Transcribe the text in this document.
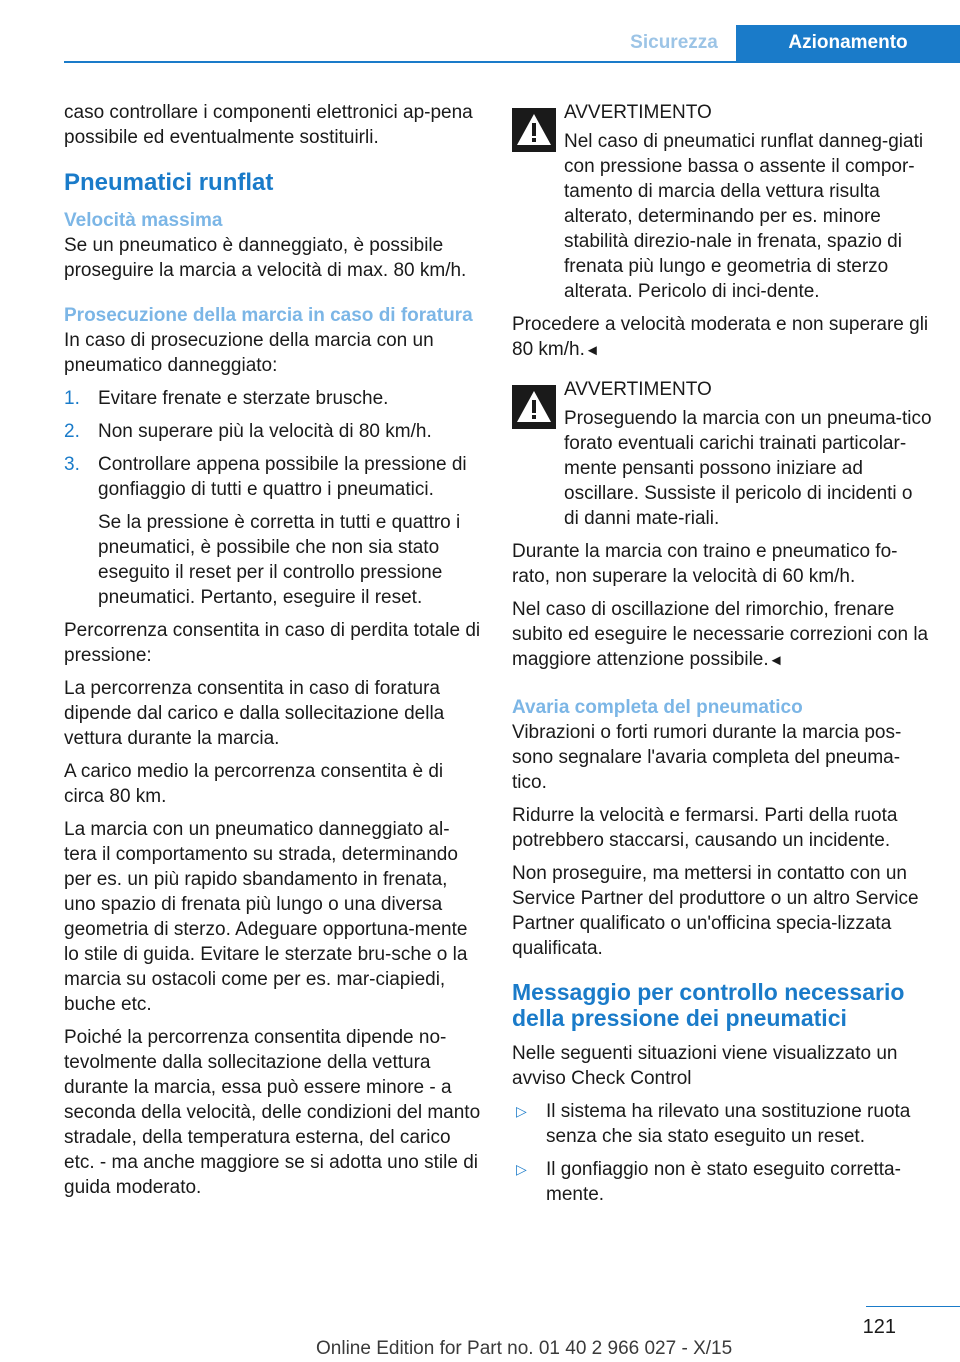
Sicurezza	Azionamento

caso controllare i componenti elettronici ap‐pena possibile ed eventualmente sostituirli.

Pneumatici runflat
Velocità massima

Se un pneumatico è danneggiato, è possibile proseguire la marcia a velocità di max. 80 km/h.

Prosecuzione della marcia in caso di foratura

In caso di prosecuzione della marcia con un pneumatico danneggiato:

1. Evitare frenate e sterzate brusche.
2. Non superare più la velocità di 80 km/h.
3. Controllare appena possibile la pressione di gonfiaggio di tutti e quattro i pneumatici.
Se la pressione è corretta in tutti e quattro i pneumatici, è possibile che non sia stato eseguito il reset per il controllo pressione pneumatici. Pertanto, eseguire il reset.

Percorrenza consentita in caso di perdita totale di pressione:

La percorrenza consentita in caso di foratura dipende dal carico e dalla sollecitazione della vettura durante la marcia.

A carico medio la percorrenza consentita è di circa 80 km.

La marcia con un pneumatico danneggiato al‐tera il comportamento su strada, determinando per es. un più rapido sbandamento in frenata, uno spazio di frenata più lungo o una diversa geometria di sterzo. Adeguare opportuna‐mente lo stile di guida. Evitare le sterzate bru‐sche o la marcia su ostacoli come per es. mar‐ciapiedi, buche etc.

Poiché la percorrenza consentita dipende no‐tevolmente dalla sollecitazione della vettura durante la marcia, essa può essere minore - a seconda della velocità, delle condizioni del manto stradale, della temperatura esterna, del carico etc. - ma anche maggiore se si adotta uno stile di guida moderato.

AVVERTIMENTO

Nel caso di pneumatici runflat danneg‐giati con pressione bassa o assente il compor‐tamento di marcia della vettura risulta alterato, determinando per es. minore stabilità direzio‐nale in frenata, spazio di frenata più lungo e geometria di sterzo alterata. Pericolo di inci‐dente.

Procedere a velocità moderata e non superare gli 80 km/h.◄

AVVERTIMENTO

Proseguendo la marcia con un pneuma‐tico forato eventuali carichi trainati particolar‐mente pensanti possono iniziare ad oscillare. Sussiste il pericolo di incidenti o di danni mate‐riali.

Durante la marcia con traino e pneumatico fo‐rato, non superare la velocità di 60 km/h.

Nel caso di oscillazione del rimorchio, frenare subito ed eseguire le necessarie correzioni con la maggiore attenzione possibile.◄

Avaria completa del pneumatico

Vibrazioni o forti rumori durante la marcia pos‐sono segnalare l'avaria completa del pneuma‐tico.

Ridurre la velocità e fermarsi. Parti della ruota potrebbero staccarsi, causando un incidente.

Non proseguire, ma mettersi in contatto con un Service Partner del produttore o un altro Service Partner qualificato o un'officina specia‐lizzata qualificata.

Messaggio per controllo necessario della pressione dei pneumatici

Nelle seguenti situazioni viene visualizzato un avviso Check Control

▷ Il sistema ha rilevato una sostituzione ruota senza che sia stato eseguito un reset.
▷ Il gonfiaggio non è stato eseguito corretta‐mente.
121
Online Edition for Part no. 01 40 2 966 027 - X/15
